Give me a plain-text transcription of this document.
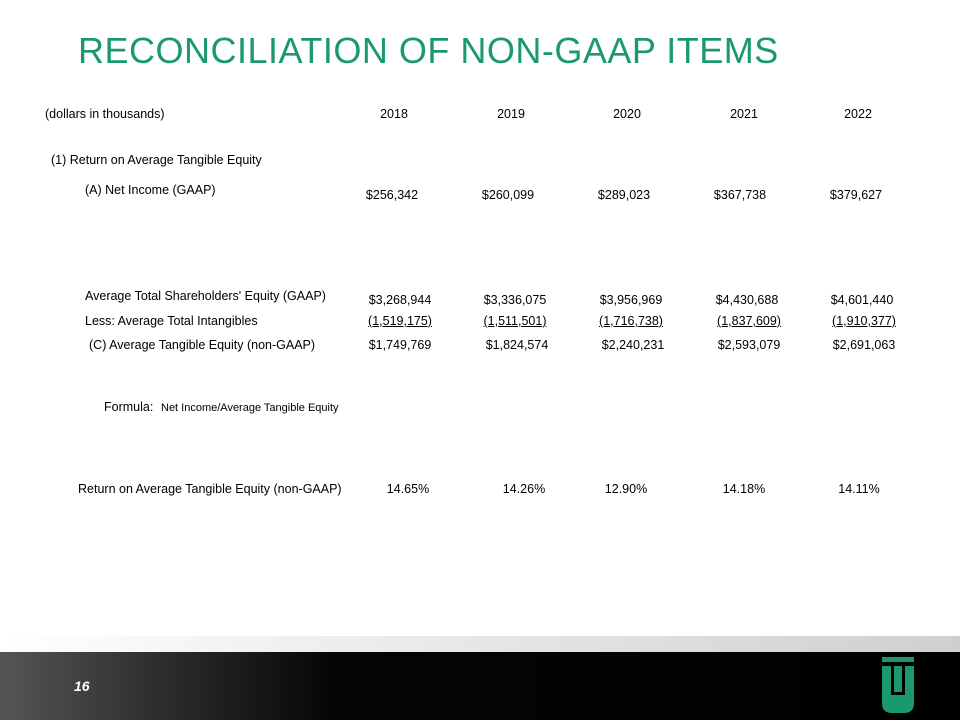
RECONCILIATION OF NON-GAAP ITEMS
(dollars in thousands)	2018	2019	2020	2021	2022
(1) Return on Average Tangible Equity
(A) Net Income (GAAP)	$256,342	$260,099	$289,023	$367,738	$379,627
Average Total Shareholders' Equity (GAAP)	$3,268,944	$3,336,075	$3,956,969	$4,430,688	$4,601,440
Less: Average Total Intangibles	(1,519,175)	(1,511,501)	(1,716,738)	(1,837,609)	(1,910,377)
(C) Average Tangible Equity (non-GAAP)	$1,749,769	$1,824,574	$2,240,231	$2,593,079	$2,691,063
Formula: Net Income/Average Tangible Equity
Return on Average Tangible Equity (non-GAAP)	14.65%	14.26%	12.90%	14.18%	14.11%
16
